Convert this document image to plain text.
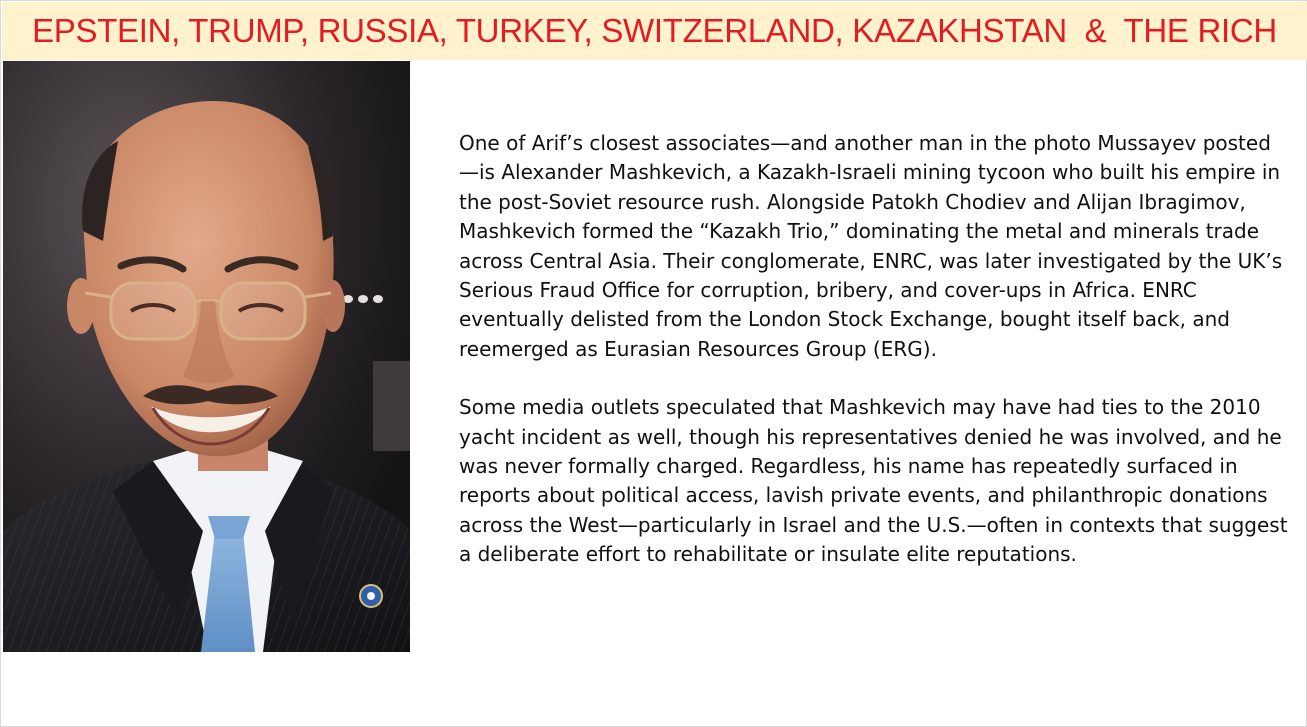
EPSTEIN, TRUMP, RUSSIA, TURKEY, SWITZERLAND, KAZAKHSTAN  &  THE RICH

One of Arif’s closest associates—and another man in the photo Mussayev posted—is Alexander Mashkevich, a Kazakh-Israeli mining tycoon who built his empire in the post-Soviet resource rush. Alongside Patokh Chodiev and Alijan Ibragimov, Mashkevich formed the “Kazakh Trio,” dominating the metal and minerals trade across Central Asia. Their conglomerate, ENRC, was later investigated by the UK’s Serious Fraud Office for corruption, bribery, and cover-ups in Africa. ENRC eventually delisted from the London Stock Exchange, bought itself back, and reemerged as Eurasian Resources Group (ERG).

Some media outlets speculated that Mashkevich may have had ties to the 2010 yacht incident as well, though his representatives denied he was involved, and he was never formally charged. Regardless, his name has repeatedly surfaced in reports about political access, lavish private events, and philanthropic donations across the West—particularly in Israel and the U.S.—often in contexts that suggest a deliberate effort to rehabilitate or insulate elite reputations.
